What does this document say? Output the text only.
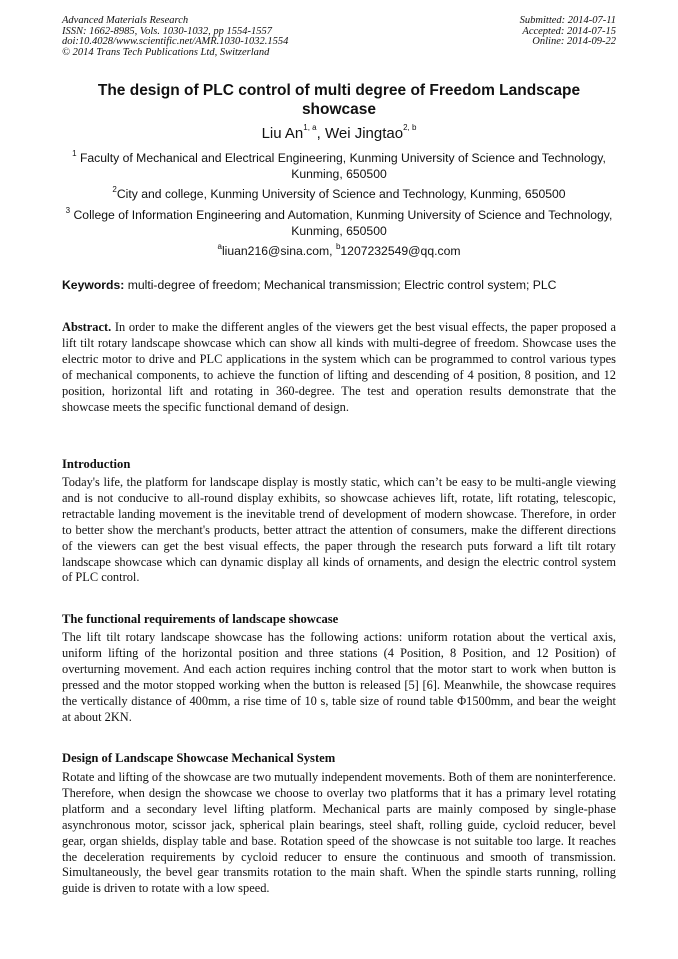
Advanced Materials Research
ISSN: 1662-8985, Vols. 1030-1032, pp 1554-1557
doi:10.4028/www.scientific.net/AMR.1030-1032.1554
© 2014 Trans Tech Publications Ltd, Switzerland
Submitted: 2014-07-11
Accepted: 2014-07-15
Online: 2014-09-22
The design of PLC control of multi degree of Freedom Landscape showcase
Liu An$^{1, a}$, Wei Jingtao$^{2, b}$
$^1$ Faculty of Mechanical and Electrical Engineering, Kunming University of Science and Technology, Kunming, 650500
$^2$City and college, Kunming University of Science and Technology, Kunming, 650500
$^3$ College of Information Engineering and Automation, Kunming University of Science and Technology, Kunming, 650500
$^a$liuan216@sina.com, $^b$1207232549@qq.com
Keywords: multi-degree of freedom; Mechanical transmission; Electric control system; PLC
Abstract. In order to make the different angles of the viewers get the best visual effects, the paper proposed a lift tilt rotary landscape showcase which can show all kinds with multi-degree of freedom. Showcase uses the electric motor to drive and PLC applications in the system which can be programmed to control various types of mechanical components, to achieve the function of lifting and descending of 4 position, 8 position, and 12 position, horizontal lift and rotating in 360-degree. The test and operation results demonstrate that the showcase meets the specific functional demand of design.
Introduction
Today's life, the platform for landscape display is mostly static, which can’t be easy to be multi-angle viewing and is not conducive to all-round display exhibits, so showcase achieves lift, rotate, lift rotating, telescopic, retractable landing movement is the inevitable trend of development of modern showcase. Therefore, in order to better show the merchant's products, better attract the attention of consumers, make the different directions of the viewers can get the best visual effects, the paper through the research puts forward a lift tilt rotary landscape showcase which can dynamic display all kinds of ornaments, and design the electric control system of PLC control.
The functional requirements of landscape showcase
The lift tilt rotary landscape showcase has the following actions: uniform rotation about the vertical axis, uniform lifting of the horizontal position and three stations (4 Position, 8 Position, and 12 Position) of overturning movement. And each action requires inching control that the motor start to work when button is pressed and the motor stopped working when the button is released [5] [6]. Meanwhile, the showcase requires the vertically distance of 400mm, a rise time of 10 s, table size of round table Φ1500mm, and bear the weight at about 2KN.
Design of Landscape Showcase Mechanical System
Rotate and lifting of the showcase are two mutually independent movements. Both of them are noninterference. Therefore, when design the showcase we choose to overlay two platforms that it has a primary level rotating platform and a secondary level lifting platform. Mechanical parts are mainly composed by single-phase asynchronous motor, scissor jack, spherical plain bearings, steel shaft, rolling guide, cycloid reducer, bevel gear, organ shields, display table and base. Rotation speed of the showcase is not suitable too large. It reaches the deceleration requirements by cycloid reducer to ensure the continuous and smooth of transmission. Simultaneously, the bevel gear transmits rotation to the main shaft. When the spindle starts running, rolling guide is driven to rotate with a low speed.
